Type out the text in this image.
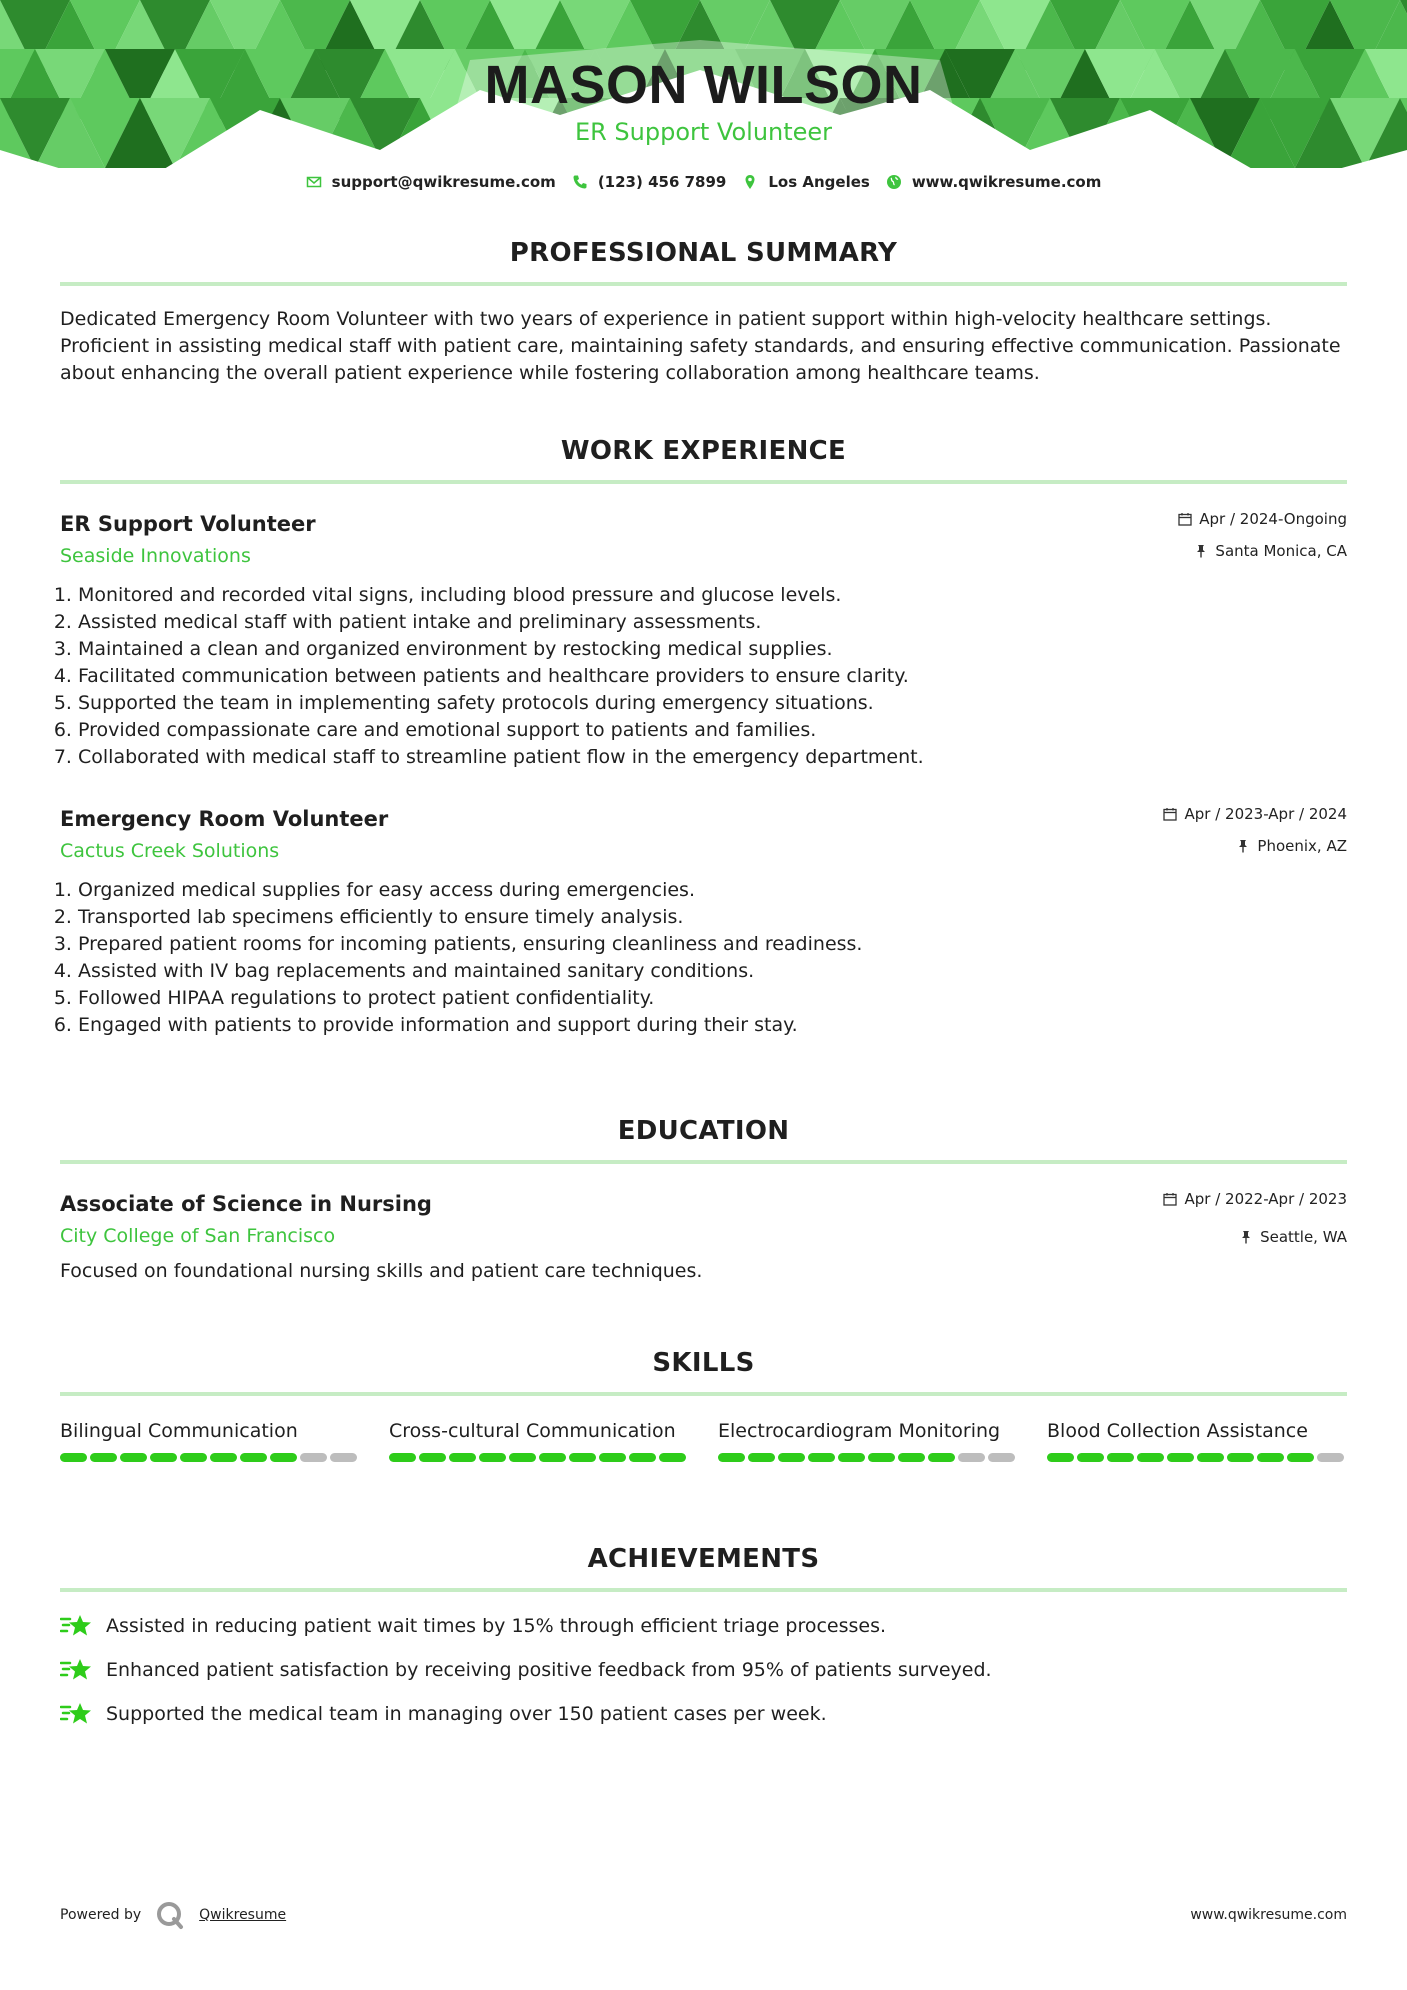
MASON WILSON
ER Support Volunteer
support@qwikresume.com	(123) 456 7899	Los Angeles	www.qwikresume.com
PROFESSIONAL SUMMARY
Dedicated Emergency Room Volunteer with two years of experience in patient support within high-velocity healthcare settings. Proficient in assisting medical staff with patient care, maintaining safety standards, and ensuring effective communication. Passionate about enhancing the overall patient experience while fostering collaboration among healthcare teams.
WORK EXPERIENCE
ER Support Volunteer
Seaside Innovations
Apr / 2024-Ongoing
Santa Monica, CA
1. Monitored and recorded vital signs, including blood pressure and glucose levels.
2. Assisted medical staff with patient intake and preliminary assessments.
3. Maintained a clean and organized environment by restocking medical supplies.
4. Facilitated communication between patients and healthcare providers to ensure clarity.
5. Supported the team in implementing safety protocols during emergency situations.
6. Provided compassionate care and emotional support to patients and families.
7. Collaborated with medical staff to streamline patient flow in the emergency department.
Emergency Room Volunteer
Cactus Creek Solutions
Apr / 2023-Apr / 2024
Phoenix, AZ
1. Organized medical supplies for easy access during emergencies.
2. Transported lab specimens efficiently to ensure timely analysis.
3. Prepared patient rooms for incoming patients, ensuring cleanliness and readiness.
4. Assisted with IV bag replacements and maintained sanitary conditions.
5. Followed HIPAA regulations to protect patient confidentiality.
6. Engaged with patients to provide information and support during their stay.
EDUCATION
Associate of Science in Nursing
City College of San Francisco
Apr / 2022-Apr / 2023
Seattle, WA
Focused on foundational nursing skills and patient care techniques.
SKILLS
Bilingual Communication	Cross-cultural Communication	Electrocardiogram Monitoring	Blood Collection Assistance
ACHIEVEMENTS
Assisted in reducing patient wait times by 15% through efficient triage processes.
Enhanced patient satisfaction by receiving positive feedback from 95% of patients surveyed.
Supported the medical team in managing over 150 patient cases per week.
Powered by	Qwikresume	www.qwikresume.com
